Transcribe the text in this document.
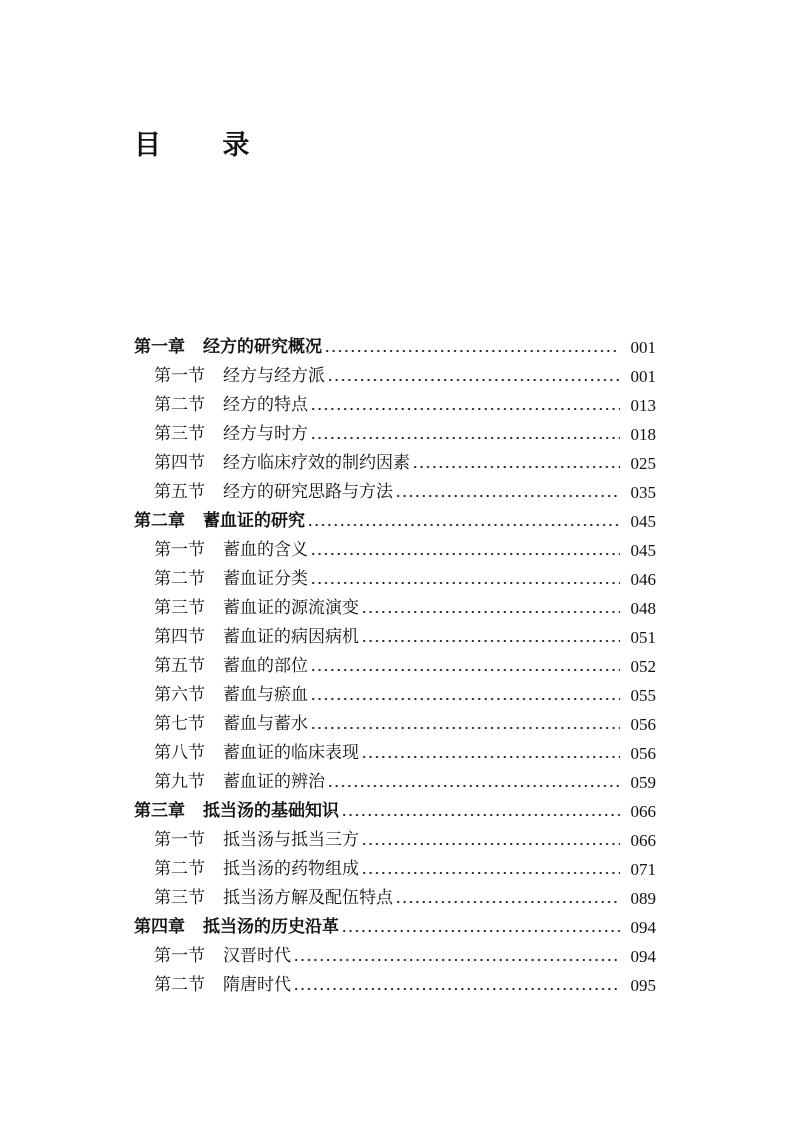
目 录
第一章 经方的研究概况	001
第一节 经方与经方派	001
第二节 经方的特点	013
第三节 经方与时方	018
第四节 经方临床疗效的制约因素	025
第五节 经方的研究思路与方法	035
第二章 蓄血证的研究	045
第一节 蓄血的含义	045
第二节 蓄血证分类	046
第三节 蓄血证的源流演变	048
第四节 蓄血证的病因病机	051
第五节 蓄血的部位	052
第六节 蓄血与瘀血	055
第七节 蓄血与蓄水	056
第八节 蓄血证的临床表现	056
第九节 蓄血证的辨治	059
第三章 抵当汤的基础知识	066
第一节 抵当汤与抵当三方	066
第二节 抵当汤的药物组成	071
第三节 抵当汤方解及配伍特点	089
第四章 抵当汤的历史沿革	094
第一节 汉晋时代	094
第二节 隋唐时代	095
